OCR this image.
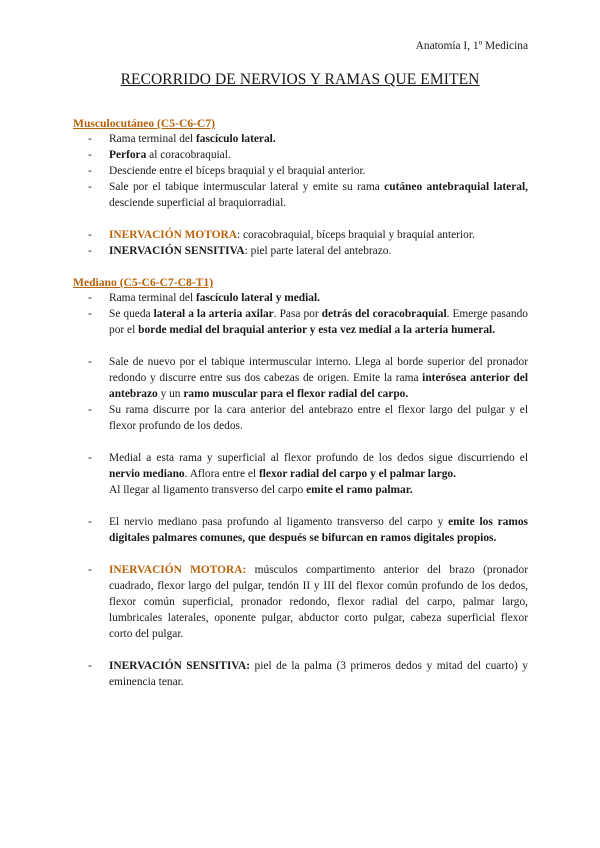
Anatomía I, 1º Medicina
RECORRIDO DE NERVIOS Y RAMAS QUE EMITEN
Musculocutáneo (C5-C6-C7)
- Rama terminal del fascículo lateral.
- Perfora al coracobraquial.
- Desciende entre el bíceps braquial y el braquial anterior.
- Sale por el tabique intermuscular lateral y emite su rama cutáneo antebraquial lateral, desciende superficial al braquiorradial.
- INERVACIÓN MOTORA: coracobraquial, bíceps braquial y braquial anterior.
- INERVACIÓN SENSITIVA: piel parte lateral del antebrazo.
Mediano (C5-C6-C7-C8-T1)
- Rama terminal del fascículo lateral y medial.
- Se queda lateral a la arteria axilar. Pasa por detrás del coracobraquial. Emerge pasando por el borde medial del braquial anterior y esta vez medial a la arteria humeral.
- Sale de nuevo por el tabique intermuscular interno. Llega al borde superior del pronador redondo y discurre entre sus dos cabezas de origen. Emite la rama interósea anterior del antebrazo y un ramo muscular para el flexor radial del carpo.
- Su rama discurre por la cara anterior del antebrazo entre el flexor largo del pulgar y el flexor profundo de los dedos.
- Medial a esta rama y superficial al flexor profundo de los dedos sigue discurriendo el nervio mediano. Aflora entre el flexor radial del carpo y el palmar largo.
Al llegar al ligamento transverso del carpo emite el ramo palmar.
- El nervio mediano pasa profundo al ligamento transverso del carpo y emite los ramos digitales palmares comunes, que después se bifurcan en ramos digitales propios.
- INERVACIÓN MOTORA: músculos compartimento anterior del brazo (pronador cuadrado, flexor largo del pulgar, tendón II y III del flexor común profundo de los dedos, flexor común superficial, pronador redondo, flexor radial del carpo, palmar largo, lumbricales laterales, oponente pulgar, abductor corto pulgar, cabeza superficial flexor corto del pulgar.
- INERVACIÓN SENSITIVA: piel de la palma (3 primeros dedos y mitad del cuarto) y eminencia tenar.
